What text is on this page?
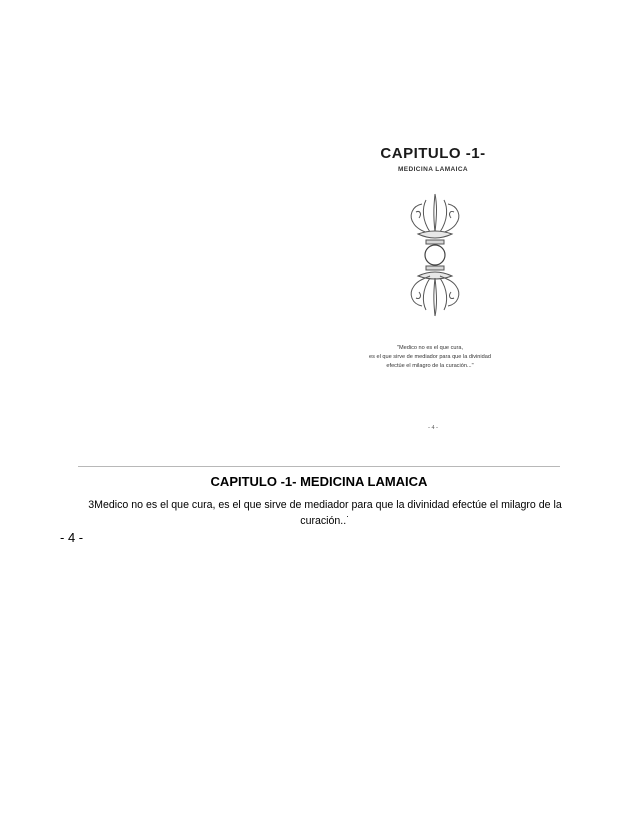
CAPITULO -1-
MEDICINA LAMAICA
"Medico no es el que cura,
es el que sirve de mediador para que la divinidad
efectúe el milagro de la curación..."
- 4 -
CAPITULO -1- MEDICINA LAMAICA
3Medico no es el que cura, es el que sirve de mediador para que la divinidad efectúe el milagro de la curación..˙
- 4 -
